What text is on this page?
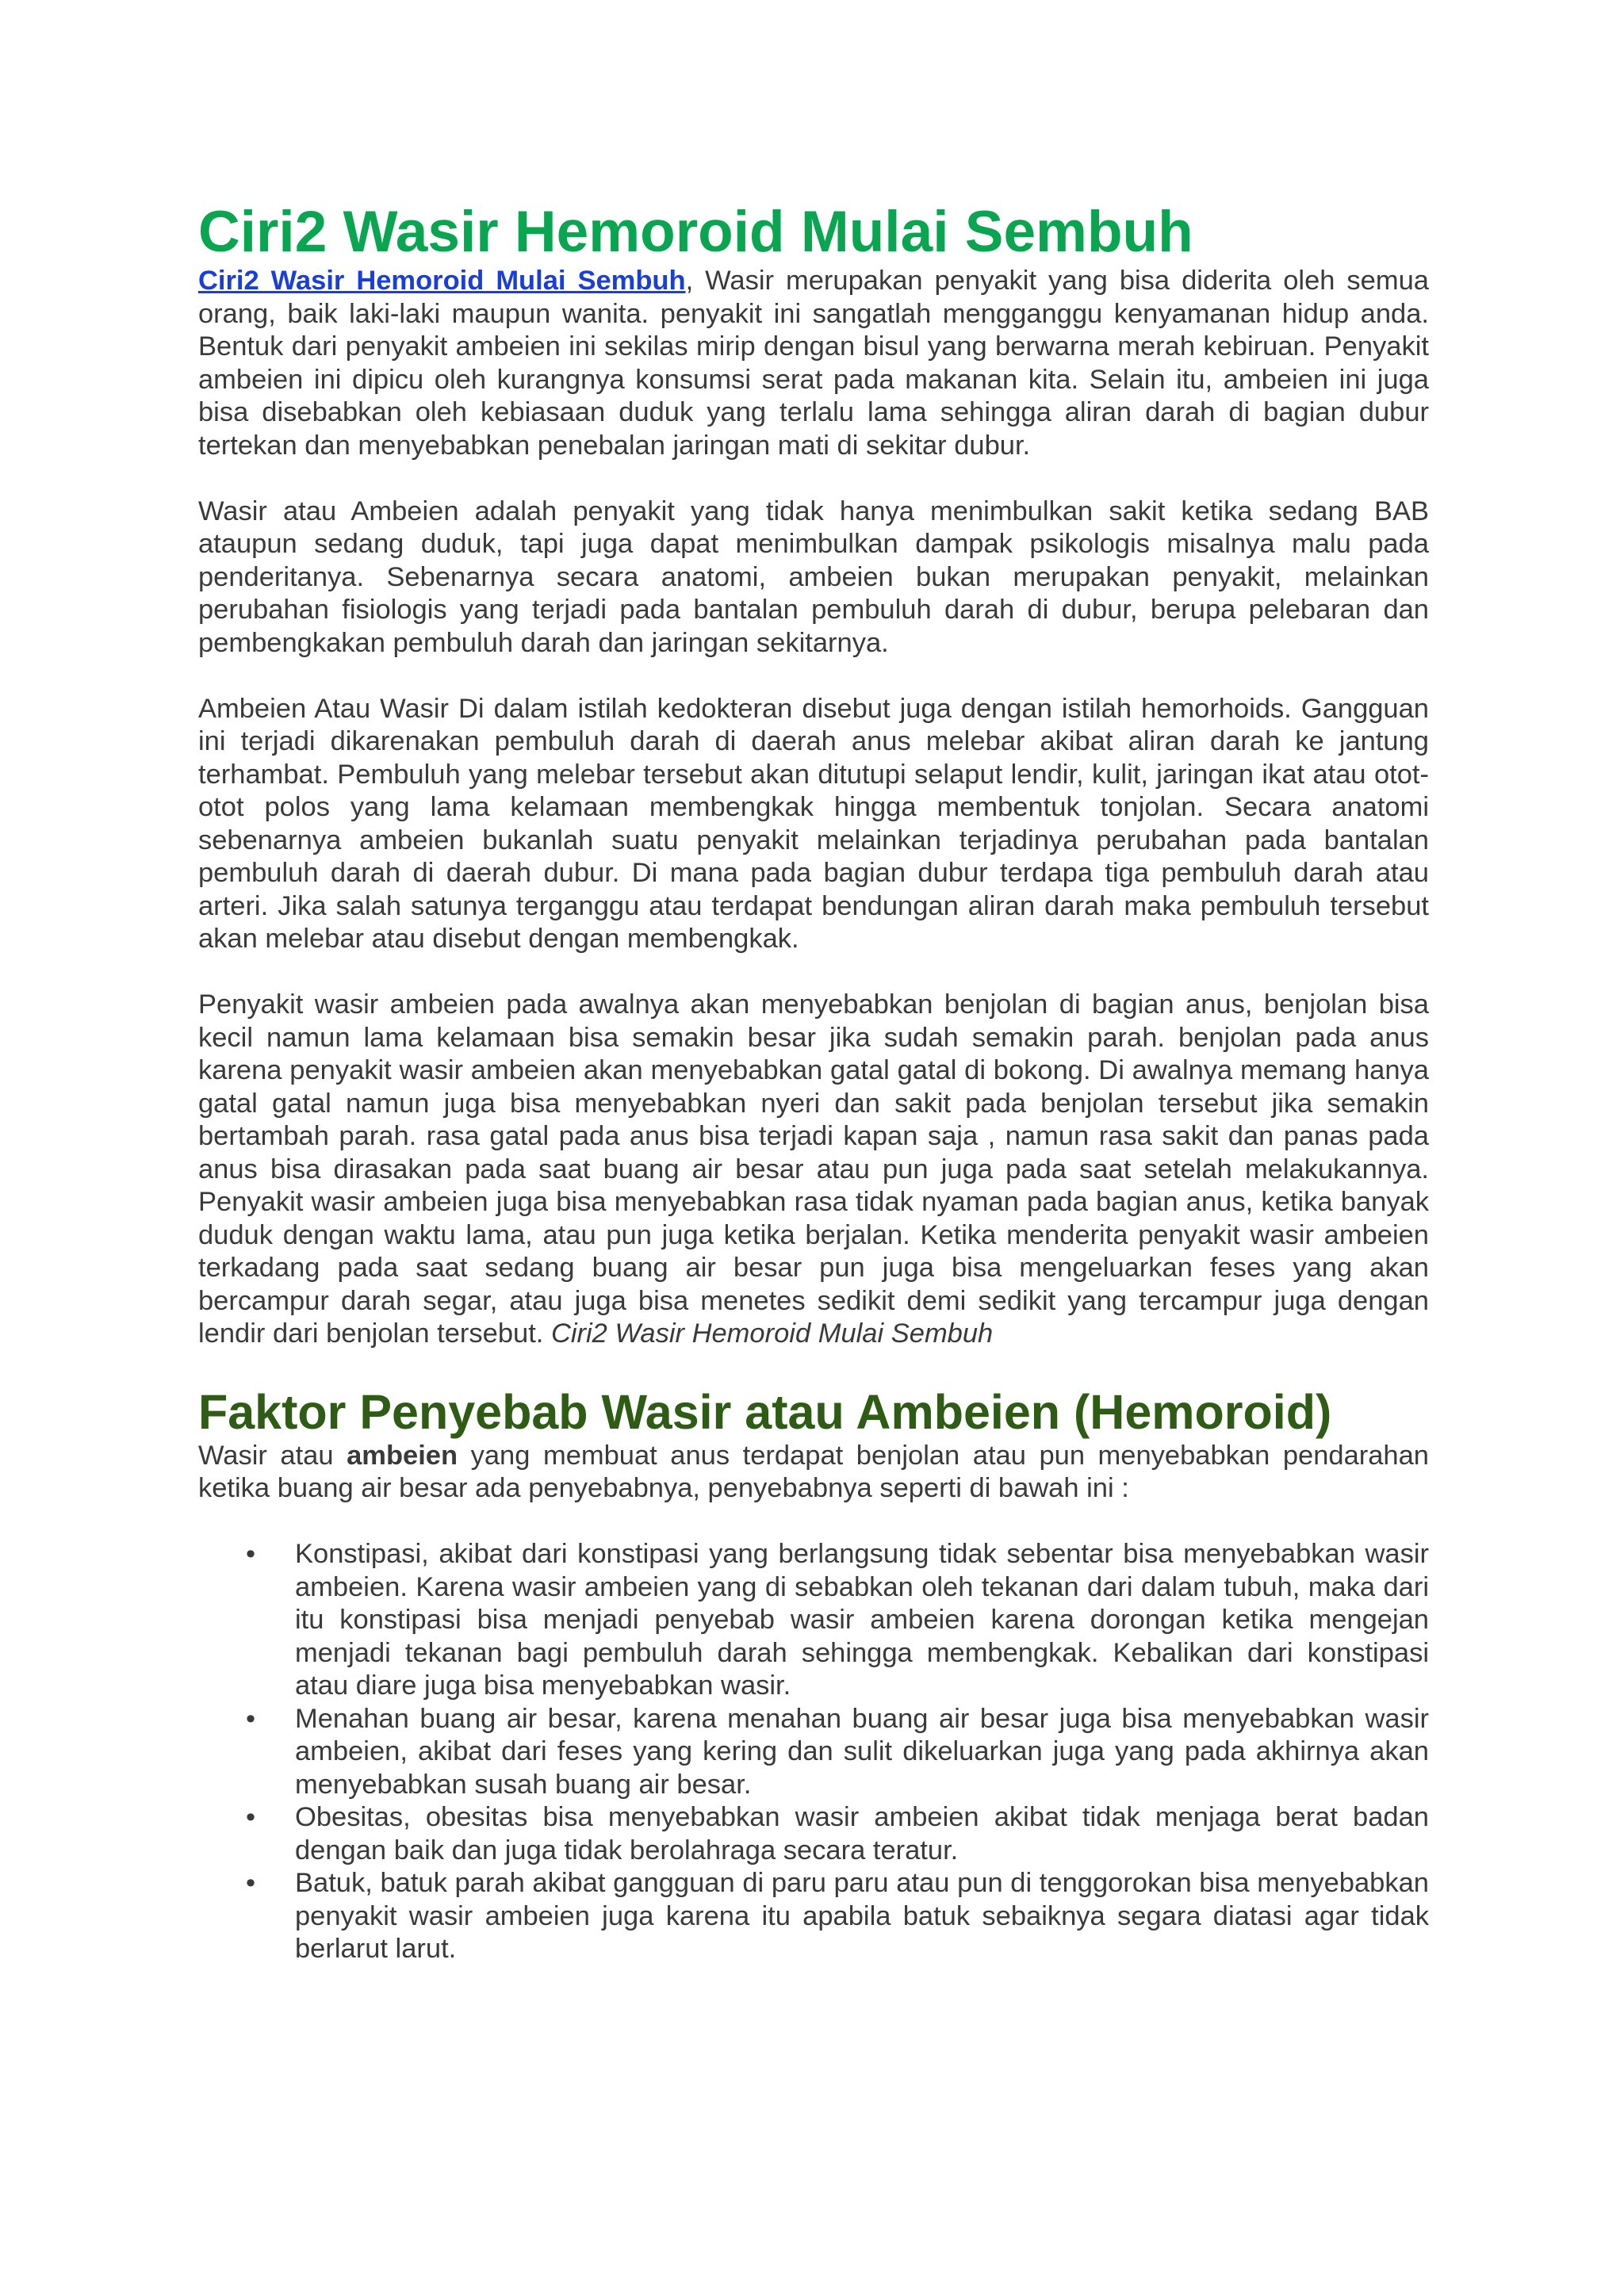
Ciri2 Wasir Hemoroid Mulai Sembuh

Ciri2 Wasir Hemoroid Mulai Sembuh, Wasir merupakan penyakit yang bisa diderita oleh semua orang, baik laki-laki maupun wanita. penyakit ini sangatlah mengganggu kenyamanan hidup anda. Bentuk dari penyakit ambeien ini sekilas mirip dengan bisul yang berwarna merah kebiruan. Penyakit ambeien ini dipicu oleh kurangnya konsumsi serat pada makanan kita. Selain itu, ambeien ini juga bisa disebabkan oleh kebiasaan duduk yang terlalu lama sehingga aliran darah di bagian dubur tertekan dan menyebabkan penebalan jaringan mati di sekitar dubur.

Wasir atau Ambeien adalah penyakit yang tidak hanya menimbulkan sakit ketika sedang BAB ataupun sedang duduk, tapi juga dapat menimbulkan dampak psikologis misalnya malu pada penderitanya. Sebenarnya secara anatomi, ambeien bukan merupakan penyakit, melainkan perubahan fisiologis yang terjadi pada bantalan pembuluh darah di dubur, berupa pelebaran dan pembengkakan pembuluh darah dan jaringan sekitarnya.

Ambeien Atau Wasir Di dalam istilah kedokteran disebut juga dengan istilah hemorhoids. Gangguan ini terjadi dikarenakan pembuluh darah di daerah anus melebar akibat aliran darah ke jantung terhambat. Pembuluh yang melebar tersebut akan ditutupi selaput lendir, kulit, jaringan ikat atau otot-otot polos yang lama kelamaan membengkak hingga membentuk tonjolan. Secara anatomi sebenarnya ambeien bukanlah suatu penyakit melainkan terjadinya perubahan pada bantalan pembuluh darah di daerah dubur. Di mana pada bagian dubur terdapa tiga pembuluh darah atau arteri. Jika salah satunya terganggu atau terdapat bendungan aliran darah maka pembuluh tersebut akan melebar atau disebut dengan membengkak.

Penyakit wasir ambeien pada awalnya akan menyebabkan benjolan di bagian anus, benjolan bisa kecil namun lama kelamaan bisa semakin besar jika sudah semakin parah. benjolan pada anus karena penyakit wasir ambeien akan menyebabkan gatal gatal di bokong. Di awalnya memang hanya gatal gatal namun juga bisa menyebabkan nyeri dan sakit pada benjolan tersebut jika semakin bertambah parah. rasa gatal pada anus bisa terjadi kapan saja , namun rasa sakit dan panas pada anus bisa dirasakan pada saat buang air besar atau pun juga pada saat setelah melakukannya. Penyakit wasir ambeien juga bisa menyebabkan rasa tidak nyaman pada bagian anus, ketika banyak duduk dengan waktu lama, atau pun juga ketika berjalan. Ketika menderita penyakit wasir ambeien terkadang pada saat sedang buang air besar pun juga bisa mengeluarkan feses yang akan bercampur darah segar, atau juga bisa menetes sedikit demi sedikit yang tercampur juga dengan lendir dari benjolan tersebut. Ciri2 Wasir Hemoroid Mulai Sembuh

Faktor Penyebab Wasir atau Ambeien (Hemoroid)

Wasir atau ambeien yang membuat anus terdapat benjolan atau pun menyebabkan pendarahan ketika buang air besar ada penyebabnya, penyebabnya seperti di bawah ini :

• Konstipasi, akibat dari konstipasi yang berlangsung tidak sebentar bisa menyebabkan wasir ambeien. Karena wasir ambeien yang di sebabkan oleh tekanan dari dalam tubuh, maka dari itu konstipasi bisa menjadi penyebab wasir ambeien karena dorongan ketika mengejan menjadi tekanan bagi pembuluh darah sehingga membengkak. Kebalikan dari konstipasi atau diare juga bisa menyebabkan wasir.
• Menahan buang air besar, karena menahan buang air besar juga bisa menyebabkan wasir ambeien, akibat dari feses yang kering dan sulit dikeluarkan juga yang pada akhirnya akan menyebabkan susah buang air besar.
• Obesitas, obesitas bisa menyebabkan wasir ambeien akibat tidak menjaga berat badan dengan baik dan juga tidak berolahraga secara teratur.
• Batuk, batuk parah akibat gangguan di paru paru atau pun di tenggorokan bisa menyebabkan penyakit wasir ambeien juga karena itu apabila batuk sebaiknya segara diatasi agar tidak berlarut larut.
